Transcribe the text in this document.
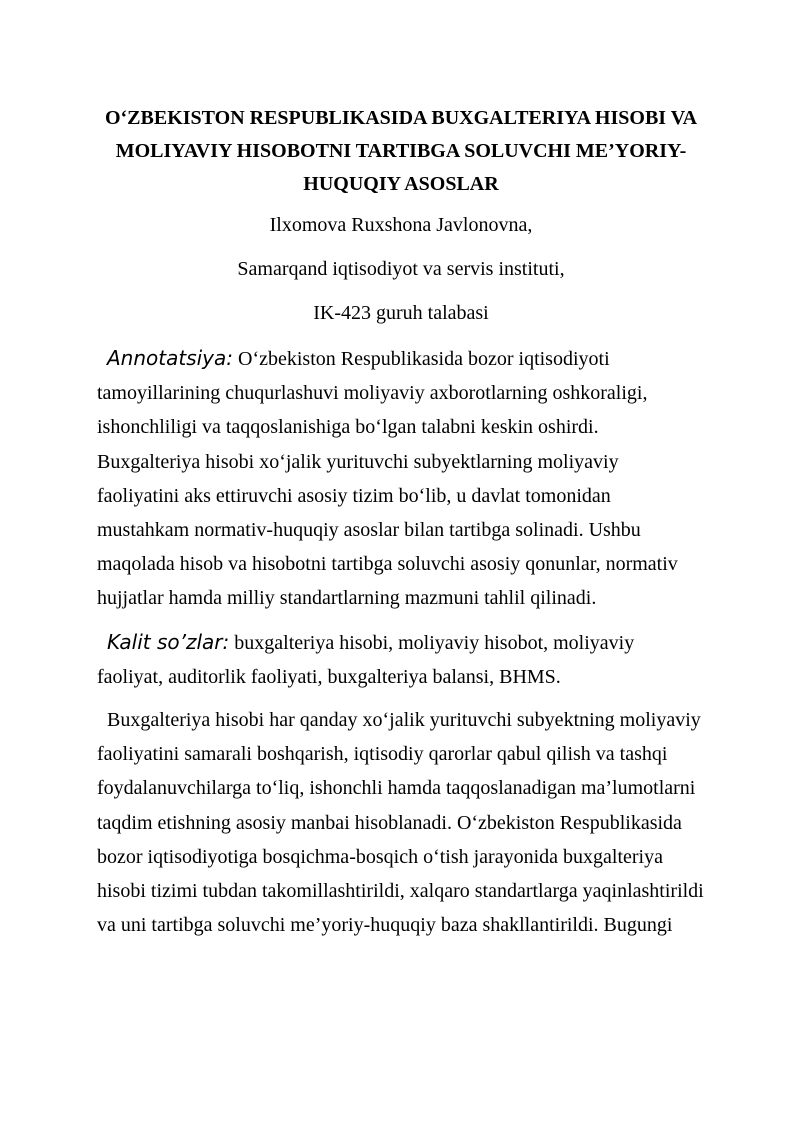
O‘ZBEKISTON RESPUBLIKASIDA BUXGALTERIYA HISOBI VA MOLIYAVIY HISOBOTNI TARTIBGA SOLUVCHI ME’YORIY-HUQUQIY ASOSLAR

Ilxomova Ruxshona Javlonovna,

Samarqand iqtisodiyot va servis instituti,

IK-423 guruh talabasi

Annotatsiya: O‘zbekiston Respublikasida bozor iqtisodiyoti tamoyillarining chuqurlashuvi moliyaviy axborotlarning oshkoraligi, ishonchliligi va taqqoslanishiga bo‘lgan talabni keskin oshirdi. Buxgalteriya hisobi xo‘jalik yurituvchi subyektlarning moliyaviy faoliyatini aks ettiruvchi asosiy tizim bo‘lib, u davlat tomonidan mustahkam normativ-huquqiy asoslar bilan tartibga solinadi. Ushbu maqolada hisob va hisobotni tartibga soluvchi asosiy qonunlar, normativ hujjatlar hamda milliy standartlarning mazmuni tahlil qilinadi.

Kalit so’zlar: buxgalteriya hisobi, moliyaviy hisobot, moliyaviy faoliyat, auditorlik faoliyati, buxgalteriya balansi, BHMS.

Buxgalteriya hisobi har qanday xo‘jalik yurituvchi subyektning moliyaviy faoliyatini samarali boshqarish, iqtisodiy qarorlar qabul qilish va tashqi foydalanuvchilarga to‘liq, ishonchli hamda taqqoslanadigan ma’lumotlarni taqdim etishning asosiy manbai hisoblanadi. O‘zbekiston Respublikasida bozor iqtisodiyotiga bosqichma-bosqich o‘tish jarayonida buxgalteriya hisobi tizimi tubdan takomillashtirildi, xalqaro standartlarga yaqinlashtirildi va uni tartibga soluvchi me’yoriy-huquqiy baza shakllantirildi. Bugungi
